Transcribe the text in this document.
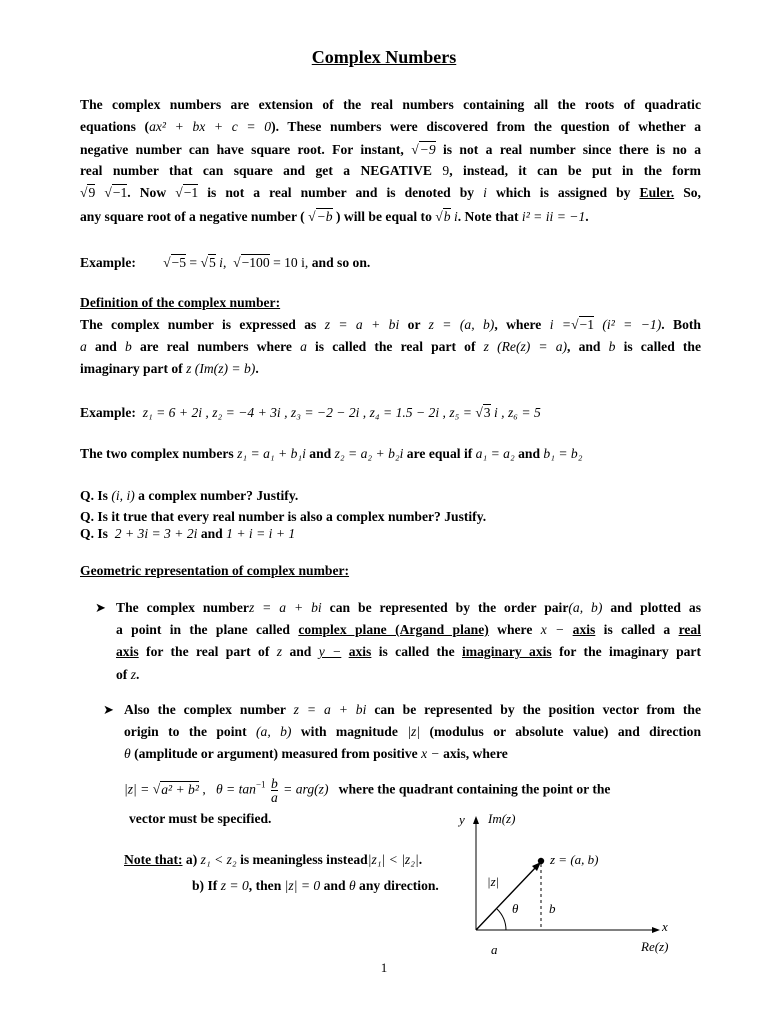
Complex Numbers
The complex numbers are extension of the real numbers containing all the roots of quadratic
equations (ax² + bx + c = 0). These numbers were discovered from the question of whether a
negative number can have square root. For instant, √−9 is not a real number since there is no a
real number that can square and get a NEGATIVE 9, instead, it can be put in the form
√9 √−1. Now √−1 is not a real number and is denoted by i which is assigned by Euler. So,
any square root of a negative number ( √−b ) will be equal to √b i. Note that i² = ii = −1.
Example: √−5 = √5 i,  √−100 = 10 i, and so on.
Definition of the complex number:
The complex number is expressed as z = a + bi or z = (a, b), where i =√−1 (i² = −1). Both
a and b are real numbers where a is called the real part of z (Re(z) = a), and b is called the
imaginary part of z (Im(z) = b).
Example: z₁ = 6 + 2i , z₂ = −4 + 3i , z₃ = −2 − 2i , z₄ = 1.5 − 2i , z₅ = √3 i , z₆ = 5
The two complex numbers z₁ = a₁ + b₁i and z₂ = a₂ + b₂i are equal if a₁ = a₂ and b₁ = b₂
Q. Is (i, i) a complex number? Justify.
Q. Is it true that every real number is also a complex number? Justify.
Q. Is 2 + 3i = 3 + 2i and 1 + i = i + 1
Geometric representation of complex number:
➤ The complex numberz = a + bi can be represented by the order pair(a, b) and plotted as
a point in the plane called complex plane (Argand plane) where x − axis is called a real
axis for the real part of z and y − axis is called the imaginary axis for the imaginary part
of z.
➤ Also the complex number z = a + bi can be represented by the position vector from the
origin to the point (a, b) with magnitude |z| (modulus or absolute value) and direction
θ (amplitude or argument) measured from positive x − axis, where
|z| = √a² + b² , $\theta = \tan^{-1} \frac{b}{a} = arg(z)$ where the quadrant containing the point or the
vector must be specified.
Note that: a) z₁ < z₂ is meaningless instead|z₁| < |z₂|.
b) If z = 0, then |z| = 0 and θ any direction.
y Im(z)
z = (a, b)
|z|
θ b
x
a	Re(z)
1
